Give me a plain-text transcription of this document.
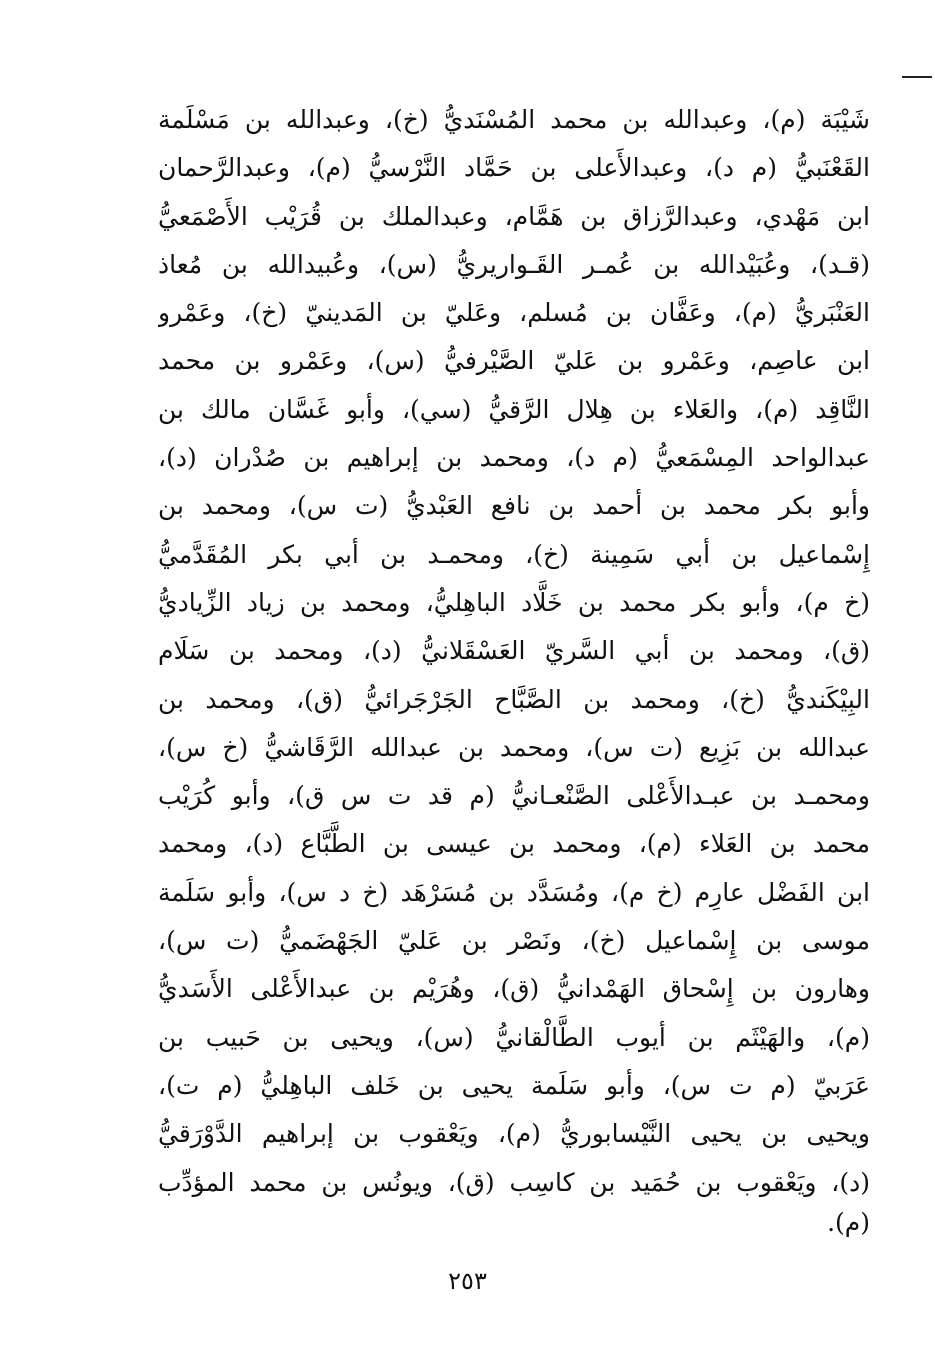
شَيْبَة (م)، وعبدالله بن محمد المُسْنَديُّ (خ)، وعبدالله بن مَسْلَمة
القَعْنَبيُّ (م د)، وعبدالأَعلى بن حَمَّاد النَّرْسيُّ (م)، وعبدالرَّحمان
ابن مَهْدي، وعبدالرَّزاق بن هَمَّام، وعبدالملك بن قُرَيْب الأَصْمَعيُّ
(قـد)، وعُبَيْدالله بن عُمـر القَـواريريُّ (س)، وعُبيدالله بن مُعاذ
العَنْبَريُّ (م)، وعَفَّان بن مُسلم، وعَليّ بن المَدينيّ (خ)، وعَمْرو
ابن عاصِم، وعَمْرو بن عَليّ الصَّيْرفيُّ (س)، وعَمْرو بن محمد
النَّاقِد (م)، والعَلاء بن هِلال الرَّقيُّ (سي)، وأبو غَسَّان مالك بن
عبدالواحد المِسْمَعيُّ (م د)، ومحمد بن إبراهيم بن صُدْران (د)،
وأبو بكر محمد بن أحمد بن نافع العَبْديُّ (ت س)، ومحمد بن
إِسْماعيل بن أبي سَمِينة (خ)، ومحمـد بن أبي بكر المُقَدَّميُّ
(خ م)، وأبو بكر محمد بن خَلَّاد الباهِليُّ، ومحمد بن زياد الزِّياديُّ
(ق)، ومحمد بن أبي السَّريّ العَسْقَلانيُّ (د)، ومحمد بن سَلَام
البِيْكَنديُّ (خ)، ومحمد بن الصَّبَّاح الجَرْجَرائيُّ (ق)، ومحمد بن
عبدالله بن بَزِيع (ت س)، ومحمد بن عبدالله الرَّقَاشيُّ (خ س)،
ومحمـد بن عبـدالأَعْلى الصَّنْعـانيُّ (م قد ت س ق)، وأبو كُرَيْب
محمد بن العَلاء (م)، ومحمد بن عيسى بن الطَّبَّاع (د)، ومحمد
ابن الفَضْل عارِم (خ م)، ومُسَدَّد بن مُسَرْهَد (خ د س)، وأبو سَلَمة
موسى بن إِسْماعيل (خ)، ونَصْر بن عَليّ الجَهْضَميُّ (ت س)،
وهارون بن إِسْحاق الهَمْدانيُّ (ق)، وهُرَيْم بن عبدالأَعْلى الأَسَديُّ
(م)، والهَيْثَم بن أيوب الطَّالْقانيُّ (س)، ويحيى بن حَبيب بن
عَرَبيّ (م ت س)، وأبو سَلَمة يحيى بن خَلف الباهِليُّ (م ت)،
ويحيى بن يحيى النَّيْسابوريُّ (م)، ويَعْقوب بن إبراهيم الدَّوْرَقيُّ
(د)، ويَعْقوب بن حُمَيد بن كاسِب (ق)، ويونُس بن محمد المؤدِّب
(م).
٢٥٣
